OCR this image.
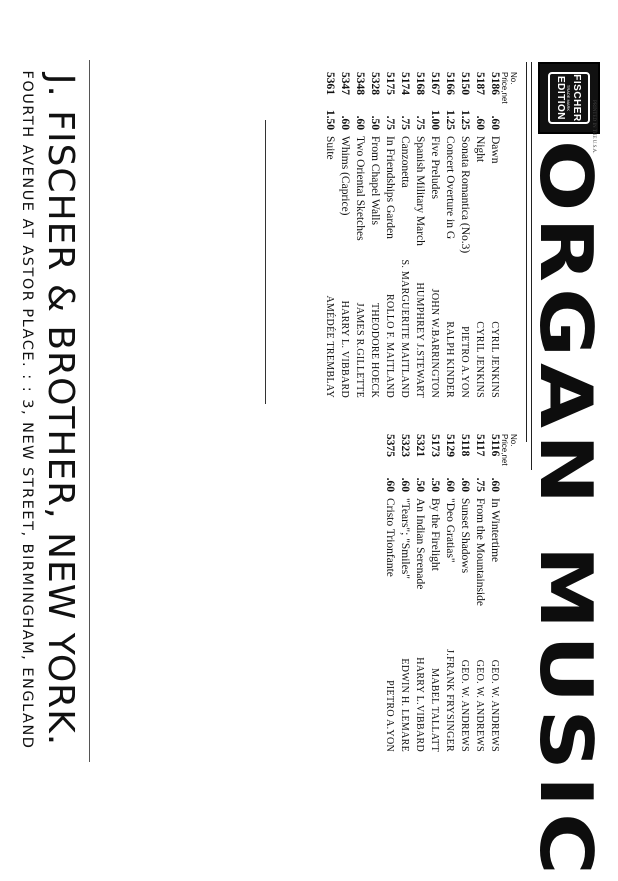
FISCHER
TRADE MARK
EDITION
PRINTED IN THE U.S.A.
ORGAN MUSIC
No.
Price,net
No.
Price,net
5186
.60
Dawn
CYRIL JENKINS
5187
.60
Night
CYRIL JENKINS
5150
1.25
Sonata Romantica (No.3)
PIETRO A.YON
5166
1.25
Concert Overture in G
RALPH KINDER
5167
1.00
Five Preludes
JOHN W.BARRINGTON
5168
.75
Spanish Military March
HUMPHREY J.STEWART
5174
.75
Canzonetta
S. MARGUERITE MAITLAND
5175
.75
In Friendships Garden
ROLLO F. MAITLAND
5328
.50
From Chapel Walls
THEODORE HOECK
5348
.60
Two Oriental Sketches
JAMES R.GILLETTE
5347
.60
Whims (Caprice)
HARRY L. VIBBARD
5361
1.50
Suite
AMÉDÉE TREMBLAY
5116
.60
In Wintertime
GEO. W. ANDREWS
5117
.75
From the Mountainside
GEO. W. ANDREWS
5118
.60
Sunset Shadows
GEO. W. ANDREWS
5129
.60
"Deo Gratias"
J.FRANK FRYSINGER
5173
.50
By the Firelight
MABEL TALLATT
5321
.50
An Indian Serenade
HARRY L.VIBBARD
5323
.60
"Tears"; "Smiles"
EDWIN H. LEMARE
5375
.60
Cristo Trionfante
PIETRO A.YON
J. FISCHER & BROTHER, NEW YORK.
FOURTH AVENUE AT ASTOR PLACE. : : 3, NEW STREET, BIRMINGHAM, ENGLAND
